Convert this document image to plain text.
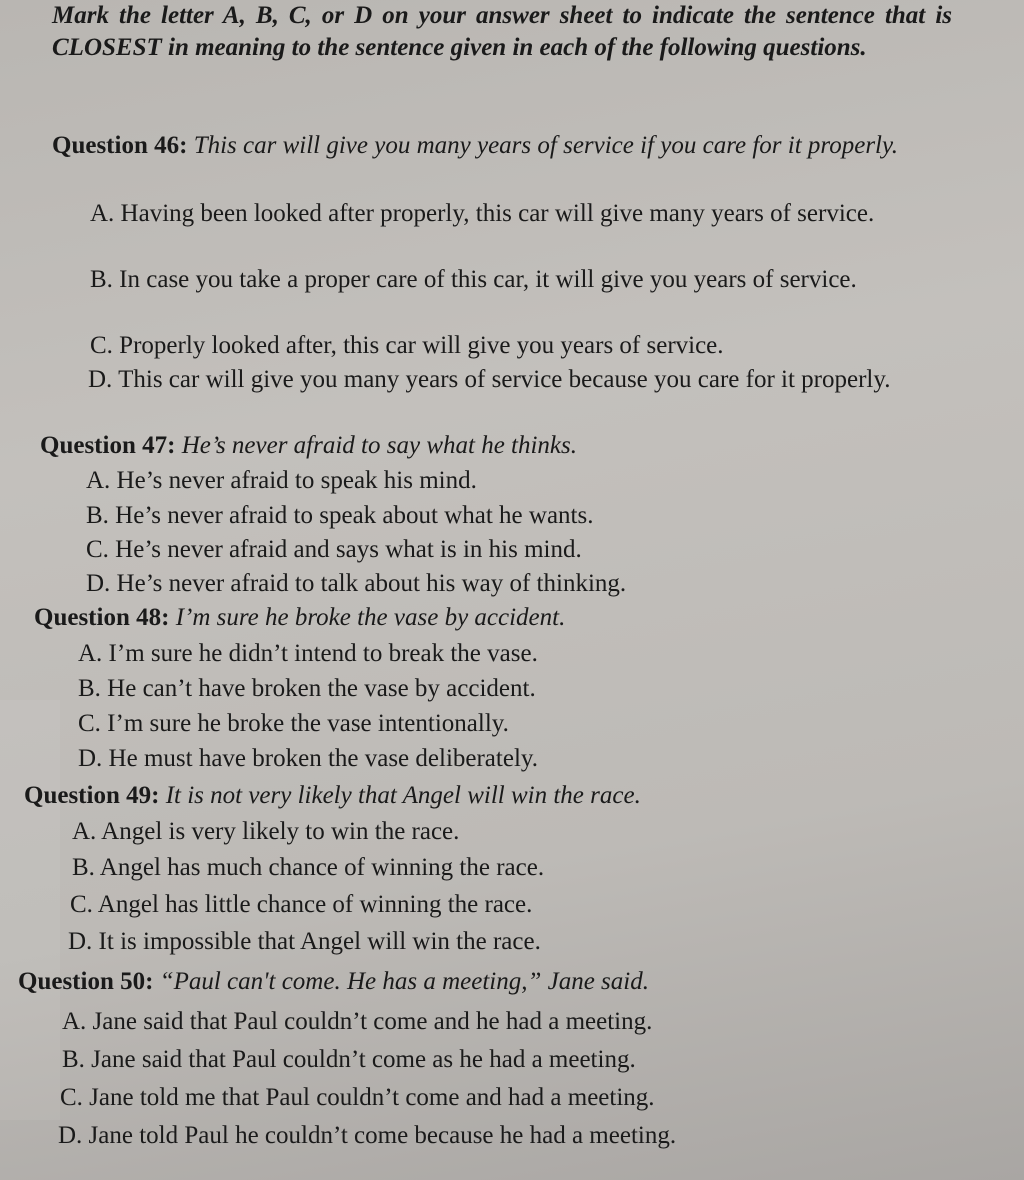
Mark the letter A, B, C, or D on your answer sheet to indicate the sentence that is CLOSEST in meaning to the sentence given in each of the following questions.

Question 46: This car will give you many years of service if you care for it properly.

A. Having been looked after properly, this car will give many years of service.

B. In case you take a proper care of this car, it will give you years of service.

C. Properly looked after, this car will give you years of service.

D. This car will give you many years of service because you care for it properly.

Question 47: He’s never afraid to say what he thinks.

A. He’s never afraid to speak his mind.

B. He’s never afraid to speak about what he wants.

C. He’s never afraid and says what is in his mind.

D. He’s never afraid to talk about his way of thinking.

Question 48: I’m sure he broke the vase by accident.

A. I’m sure he didn’t intend to break the vase.

B. He can’t have broken the vase by accident.

C. I’m sure he broke the vase intentionally.

D. He must have broken the vase deliberately.

Question 49: It is not very likely that Angel will win the race.

A. Angel is very likely to win the race.

B. Angel has much chance of winning the race.

C. Angel has little chance of winning the race.

D. It is impossible that Angel will win the race.

Question 50: “Paul can't come. He has a meeting,” Jane said.

A. Jane said that Paul couldn’t come and he had a meeting.

B. Jane said that Paul couldn’t come as he had a meeting.

C. Jane told me that Paul couldn’t come and had a meeting.

D. Jane told Paul he couldn’t come because he had a meeting.
